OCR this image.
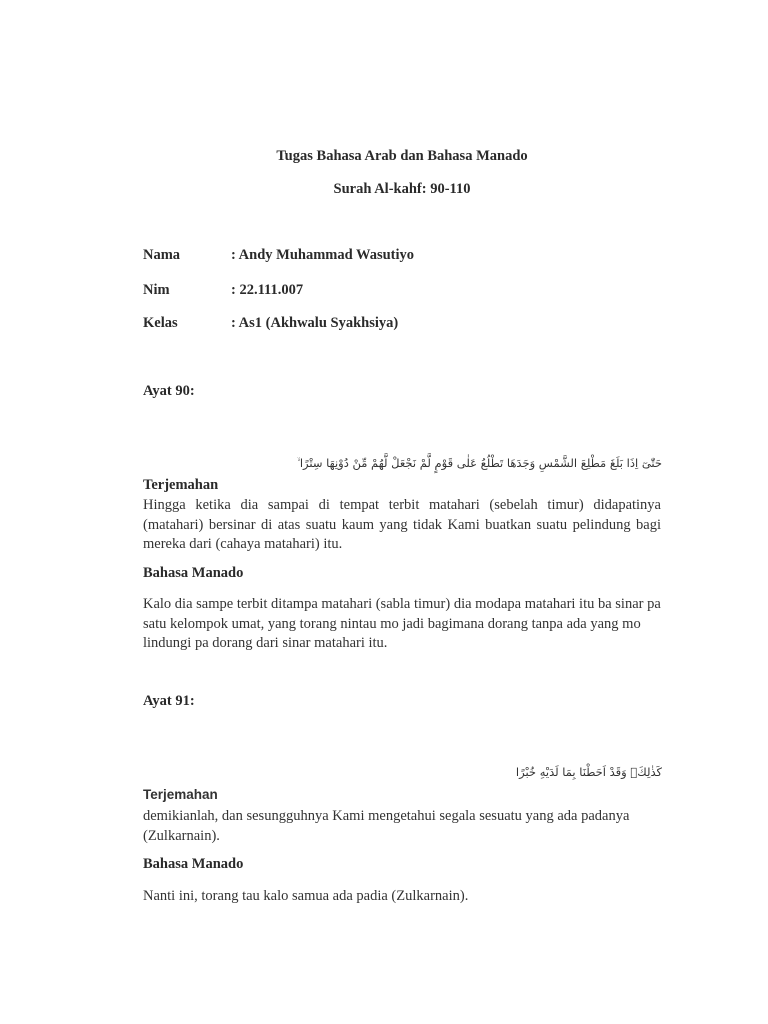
Tugas Bahasa Arab dan Bahasa Manado
Surah Al-kahf: 90-110
Nama	: Andy Muhammad Wasutiyo
Nim	: 22.111.007
Kelas	: As1 (Akhwalu Syakhsiya)
Ayat 90:
حَتّٰىٓ اِذَا بَلَغَ مَطْلِعَ الشَّمْسِ وَجَدَهَا تَطْلُعُ عَلٰى قَوْمٍ لَّمْ نَجْعَلْ لَّهُمْ مِّنْ دُوْنِهَا سِتْرًا ۙ
Terjemahan
Hingga ketika dia sampai di tempat terbit matahari (sebelah timur) didapatinya (matahari) bersinar di atas suatu kaum yang tidak Kami buatkan suatu pelindung bagi mereka dari (cahaya matahari) itu.
Bahasa Manado
Kalo dia sampe terbit ditampa matahari (sabla timur) dia modapa matahari itu ba sinar pa satu kelompok umat, yang torang nintau mo jadi bagimana dorang tanpa ada yang mo lindungi pa dorang dari sinar matahari itu.
Ayat 91:
كَذٰلِكَۗ وَقَدْ اَحَطْنَا بِمَا لَدَيْهِ خُبْرًا
Terjemahan
demikianlah, dan sesungguhnya Kami mengetahui segala sesuatu yang ada padanya (Zulkarnain).
Bahasa Manado
Nanti ini, torang tau kalo samua ada padia (Zulkarnain).
